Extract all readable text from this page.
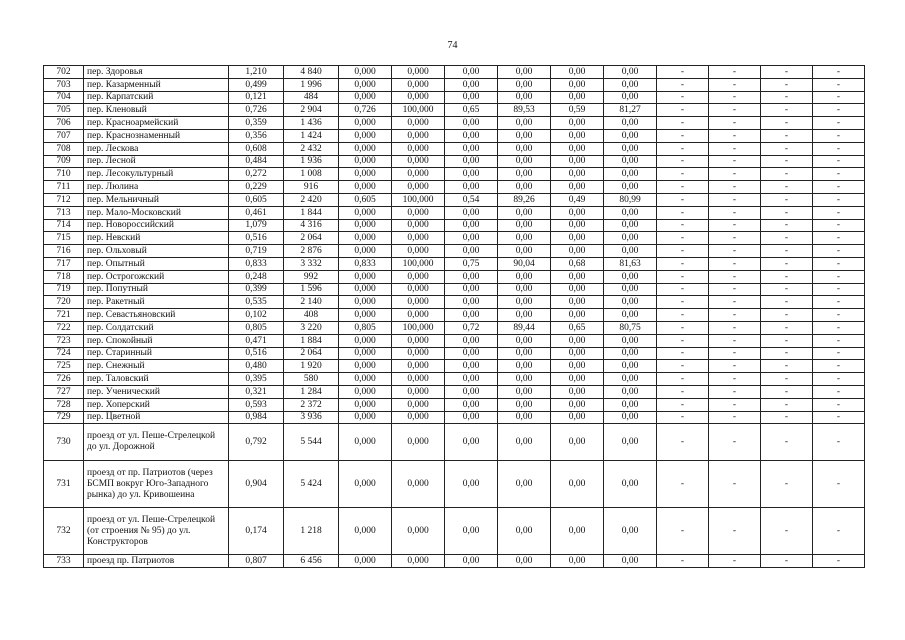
74
702	пер. Здоровья	1,210	4 840	0,000	0,000	0,00	0,00	0,00	0,00	-	-	-	-
703	пер. Казарменный	0,499	1 996	0,000	0,000	0,00	0,00	0,00	0,00	-	-	-	-
704	пер. Карпатский	0,121	484	0,000	0,000	0,00	0,00	0,00	0,00	-	-	-	-
705	пер. Кленовый	0,726	2 904	0,726	100,000	0,65	89,53	0,59	81,27	-	-	-	-
706	пер. Красноармейский	0,359	1 436	0,000	0,000	0,00	0,00	0,00	0,00	-	-	-	-
707	пер. Краснознаменный	0,356	1 424	0,000	0,000	0,00	0,00	0,00	0,00	-	-	-	-
708	пер. Лескова	0,608	2 432	0,000	0,000	0,00	0,00	0,00	0,00	-	-	-	-
709	пер. Лесной	0,484	1 936	0,000	0,000	0,00	0,00	0,00	0,00	-	-	-	-
710	пер. Лесокультурный	0,272	1 008	0,000	0,000	0,00	0,00	0,00	0,00	-	-	-	-
711	пер. Люлина	0,229	916	0,000	0,000	0,00	0,00	0,00	0,00	-	-	-	-
712	пер. Мельничный	0,605	2 420	0,605	100,000	0,54	89,26	0,49	80,99	-	-	-	-
713	пер. Мало-Московский	0,461	1 844	0,000	0,000	0,00	0,00	0,00	0,00	-	-	-	-
714	пер. Новороссийский	1,079	4 316	0,000	0,000	0,00	0,00	0,00	0,00	-	-	-	-
715	пер. Невский	0,516	2 064	0,000	0,000	0,00	0,00	0,00	0,00	-	-	-	-
716	пер. Ольховый	0,719	2 876	0,000	0,000	0,00	0,00	0,00	0,00	-	-	-	-
717	пер. Опытный	0,833	3 332	0,833	100,000	0,75	90,04	0,68	81,63	-	-	-	-
718	пер. Острогожский	0,248	992	0,000	0,000	0,00	0,00	0,00	0,00	-	-	-	-
719	пер. Попутный	0,399	1 596	0,000	0,000	0,00	0,00	0,00	0,00	-	-	-	-
720	пер. Ракетный	0,535	2 140	0,000	0,000	0,00	0,00	0,00	0,00	-	-	-	-
721	пер. Севастьяновский	0,102	408	0,000	0,000	0,00	0,00	0,00	0,00	-	-	-	-
722	пер. Солдатский	0,805	3 220	0,805	100,000	0,72	89,44	0,65	80,75	-	-	-	-
723	пер. Спокойный	0,471	1 884	0,000	0,000	0,00	0,00	0,00	0,00	-	-	-	-
724	пер. Старинный	0,516	2 064	0,000	0,000	0,00	0,00	0,00	0,00	-	-	-	-
725	пер. Снежный	0,480	1 920	0,000	0,000	0,00	0,00	0,00	0,00	-	-	-	-
726	пер. Таловский	0,395	580	0,000	0,000	0,00	0,00	0,00	0,00	-	-	-	-
727	пер. Ученический	0,321	1 284	0,000	0,000	0,00	0,00	0,00	0,00	-	-	-	-
728	пер. Хоперский	0,593	2 372	0,000	0,000	0,00	0,00	0,00	0,00	-	-	-	-
729	пер. Цветной	0,984	3 936	0,000	0,000	0,00	0,00	0,00	0,00	-	-	-	-
730	проезд от ул. Пеше-Стрелецкой до ул. Дорожной	0,792	5 544	0,000	0,000	0,00	0,00	0,00	0,00	-	-	-	-
731	проезд от пр. Патриотов (через БСМП вокруг Юго-Западного рынка) до ул. Кривошеина	0,904	5 424	0,000	0,000	0,00	0,00	0,00	0,00	-	-	-	-
732	проезд от ул. Пеше-Стрелецкой (от строения № 95) до ул. Конструкторов	0,174	1 218	0,000	0,000	0,00	0,00	0,00	0,00	-	-	-	-
733	проезд пр. Патриотов	0,807	6 456	0,000	0,000	0,00	0,00	0,00	0,00	-	-	-	-
